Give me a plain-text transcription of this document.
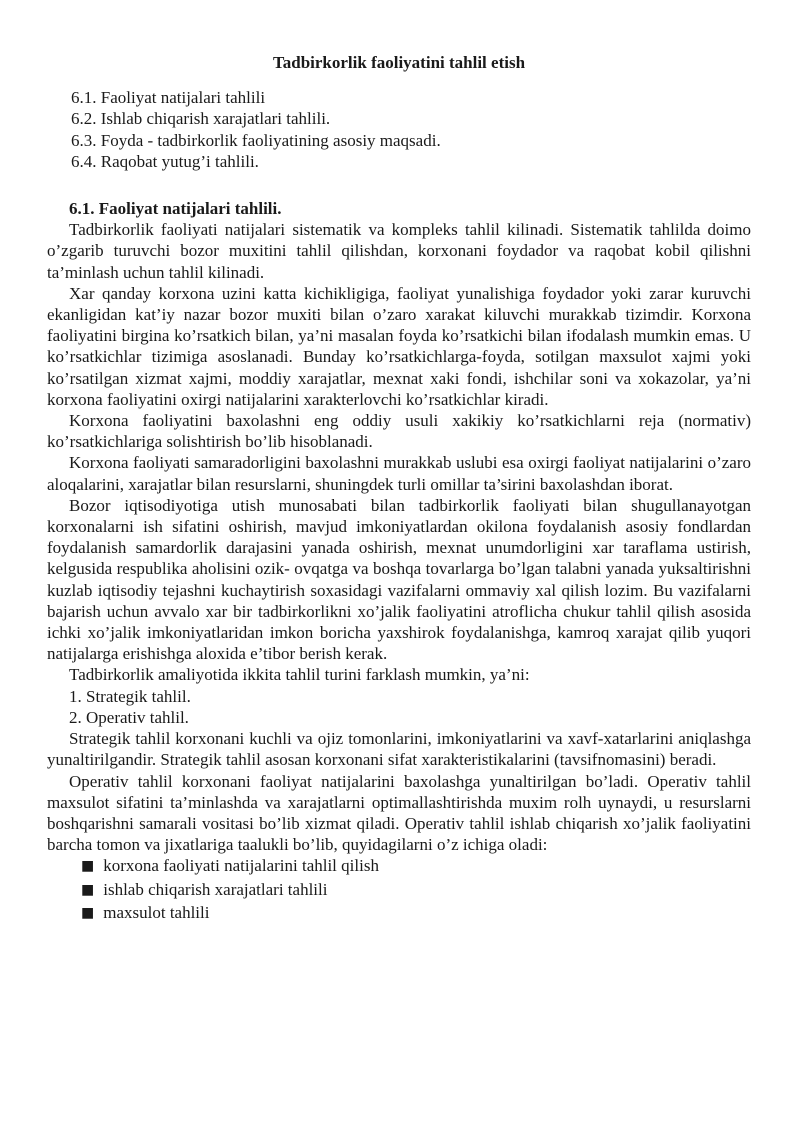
Tadbirkorlik faoliyatini tahlil etish
6.1. Faoliyat natijalari tahlili
6.2. Ishlab chiqarish xarajatlari tahlili.
6.3. Foyda - tadbirkorlik faoliyatining asosiy maqsadi.
6.4. Raqobat yutug’i tahlili.
6.1. Faoliyat natijalari tahlili.

Tadbirkorlik faoliyati natijalari sistematik va kompleks tahlil kilinadi. Sistematik tahlilda doimo o’zgarib turuvchi bozor muxitini tahlil qilishdan, korxonani foydador va raqobat kobil qilishni ta’minlash uchun tahlil kilinadi.

Xar qanday korxona uzini katta kichikligiga, faoliyat yunalishiga foydador yoki zarar kuruvchi ekanligidan kat’iy nazar bozor muxiti bilan o’zaro xarakat kiluvchi murakkab tizimdir. Korxona faoliyatini birgina ko’rsatkich bilan, ya’ni masalan foyda ko’rsatkichi bilan ifodalash mumkin emas. U ko’rsatkichlar tizimiga asoslanadi. Bunday ko’rsatkichlarga-foyda, sotilgan maxsulot xajmi yoki ko’rsatilgan xizmat xajmi, moddiy xarajatlar, mexnat xaki fondi, ishchilar soni va xokazolar, ya’ni korxona faoliyatini oxirgi natijalarini xarakterlovchi ko’rsatkichlar kiradi.

Korxona faoliyatini baxolashni eng oddiy usuli xakikiy ko’rsatkichlarni reja (normativ) ko’rsatkichlariga solishtirish bo’lib hisoblanadi.

Korxona faoliyati samaradorligini baxolashni murakkab uslubi esa oxirgi faoliyat natijalarini o’zaro aloqalarini, xarajatlar bilan resurslarni, shuningdek turli omillar ta’sirini baxolashdan iborat.

Bozor iqtisodiyotiga utish munosabati bilan tadbirkorlik faoliyati bilan shugullanayotgan korxonalarni ish sifatini oshirish, mavjud imkoniyatlardan okilona foydalanish asosiy fondlardan foydalanish samardorlik darajasini yanada oshirish, mexnat unumdorligini xar taraflama ustirish, kelgusida respublika aholisini ozik- ovqatga va boshqa tovarlarga bo’lgan talabni yanada yuksaltirishni kuzlab iqtisodiy tejashni kuchaytirish soxasidagi vazifalarni ommaviy xal qilish lozim. Bu vazifalarni bajarish uchun avvalo xar bir tadbirkorlikni xo’jalik faoliyatini atroflicha chukur tahlil qilish asosida ichki xo’jalik imkoniyatlaridan imkon boricha yaxshirok foydalanishga, kamroq xarajat qilib yuqori natijalarga erishishga aloxida e’tibor berish kerak.

Tadbirkorlik amaliyotida ikkita tahlil turini farklash mumkin, ya’ni:

1. Strategik tahlil.
2. Operativ tahlil.

Strategik tahlil korxonani kuchli va ojiz tomonlarini, imkoniyatlarini va xavf-xatarlarini aniqlashga yunaltirilgandir. Strategik tahlil asosan korxonani sifat xarakteristikalarini (tavsifnomasini) beradi.

Operativ tahlil korxonani faoliyat natijalarini baxolashga yunaltirilgan bo’ladi. Operativ tahlil maxsulot sifatini ta’minlashda va xarajatlarni optimallashtirishda muxim rolh uynaydi, u resurslarni boshqarishni samarali vositasi bo’lib xizmat qiladi. Operativ tahlil ishlab chiqarish xo’jalik faoliyatini barcha tomon va jixatlariga taalukli bo’lib, quyidagilarni o’z ichiga oladi:

■ korxona faoliyati natijalarini tahlil qilish
■ ishlab chiqarish xarajatlari tahlili
■ maxsulot tahlili
